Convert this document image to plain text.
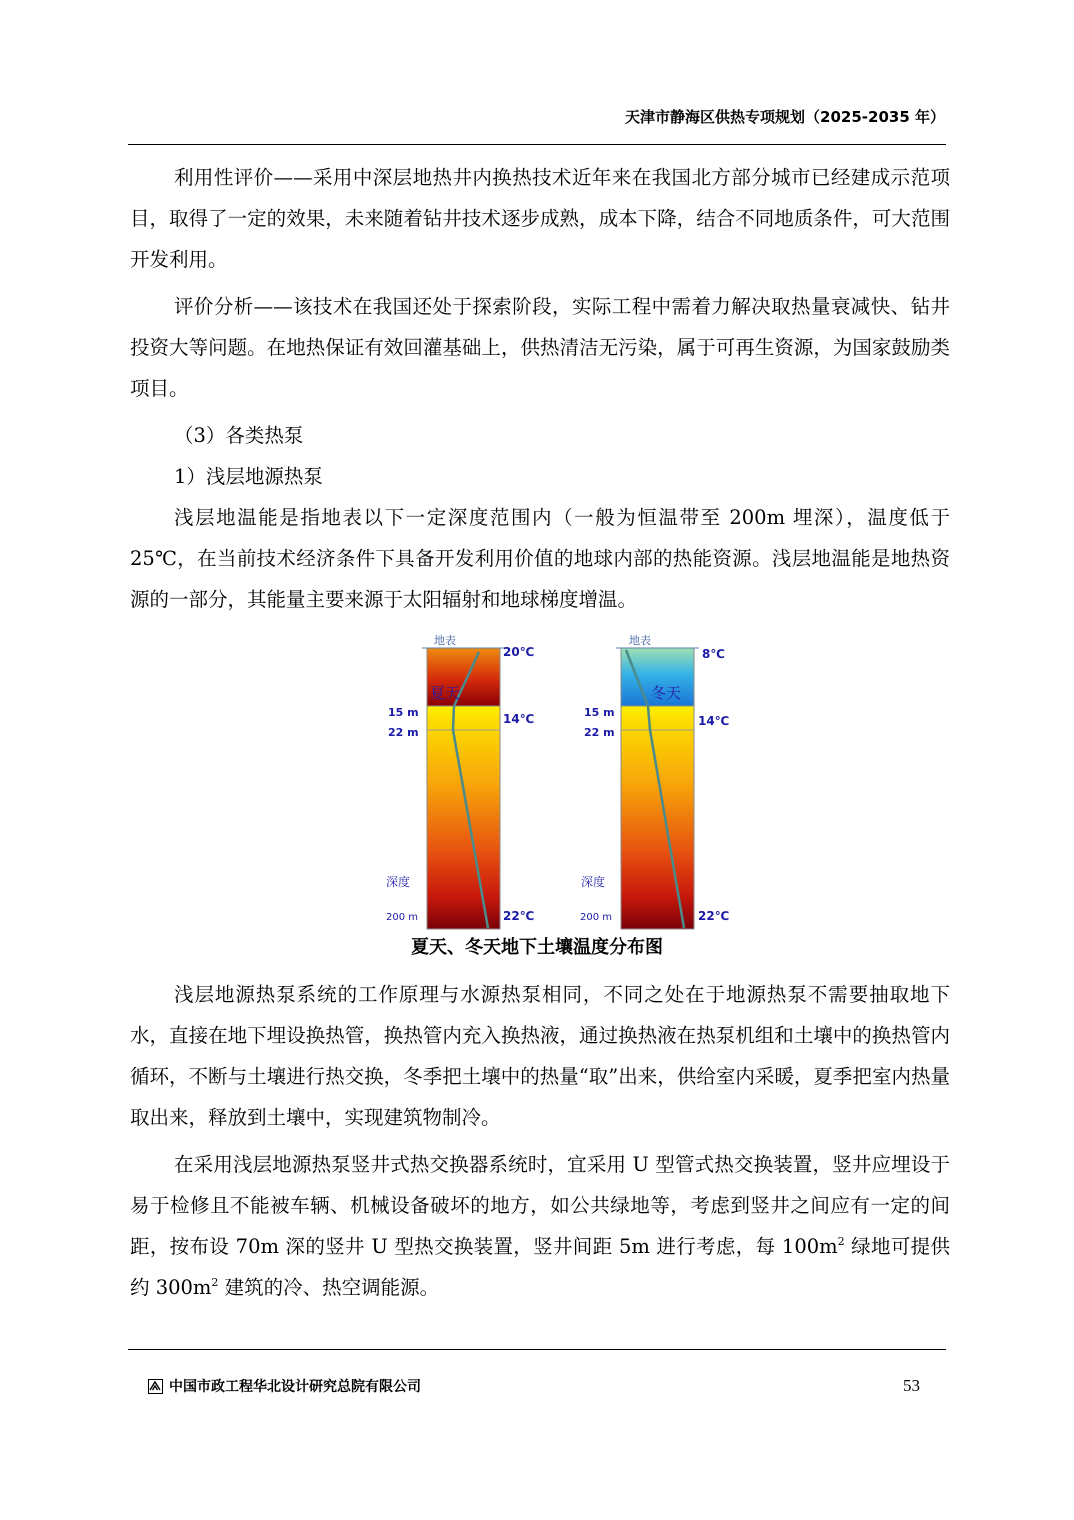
天津市静海区供热专项规划（2025-2035 年）

利用性评价——采用中深层地热井内换热技术近年来在我国北方部分城市已经建成示范项目，取得了一定的效果，未来随着钻井技术逐步成熟，成本下降，结合不同地质条件，可大范围开发利用。

评价分析——该技术在我国还处于探索阶段，实际工程中需着力解决取热量衰减快、钻井投资大等问题。在地热保证有效回灌基础上，供热清洁无污染，属于可再生资源，为国家鼓励类项目。

（3）各类热泵

1）浅层地源热泵

浅层地温能是指地表以下一定深度范围内（一般为恒温带至 200m 埋深），温度低于 25℃，在当前技术经济条件下具备开发利用价值的地球内部的热能资源。浅层地温能是地热资源的一部分，其能量主要来源于太阳辐射和地球梯度增温。

地表
夏天
20℃
15 m
22 m
14℃
深度
200 m	22℃
地表
冬天
8℃
15 m
22 m
14℃
深度
200 m	22℃
夏天、冬天地下土壤温度分布图

浅层地源热泵系统的工作原理与水源热泵相同，不同之处在于地源热泵不需要抽取地下水，直接在地下埋设换热管，换热管内充入换热液，通过换热液在热泵机组和土壤中的换热管内循环，不断与土壤进行热交换，冬季把土壤中的热量“取”出来，供给室内采暖，夏季把室内热量取出来，释放到土壤中，实现建筑物制冷。

在采用浅层地源热泵竖井式热交换器系统时，宜采用 U 型管式热交换装置，竖井应埋设于易于检修且不能被车辆、机械设备破坏的地方，如公共绿地等，考虑到竖井之间应有一定的间距，按布设 70m 深的竖井 U 型热交换装置，竖井间距 5m 进行考虑，每 $100m^2$ 绿地可提供约 $300m^2$ 建筑的冷、热空调能源。

中国市政工程华北设计研究总院有限公司	53
